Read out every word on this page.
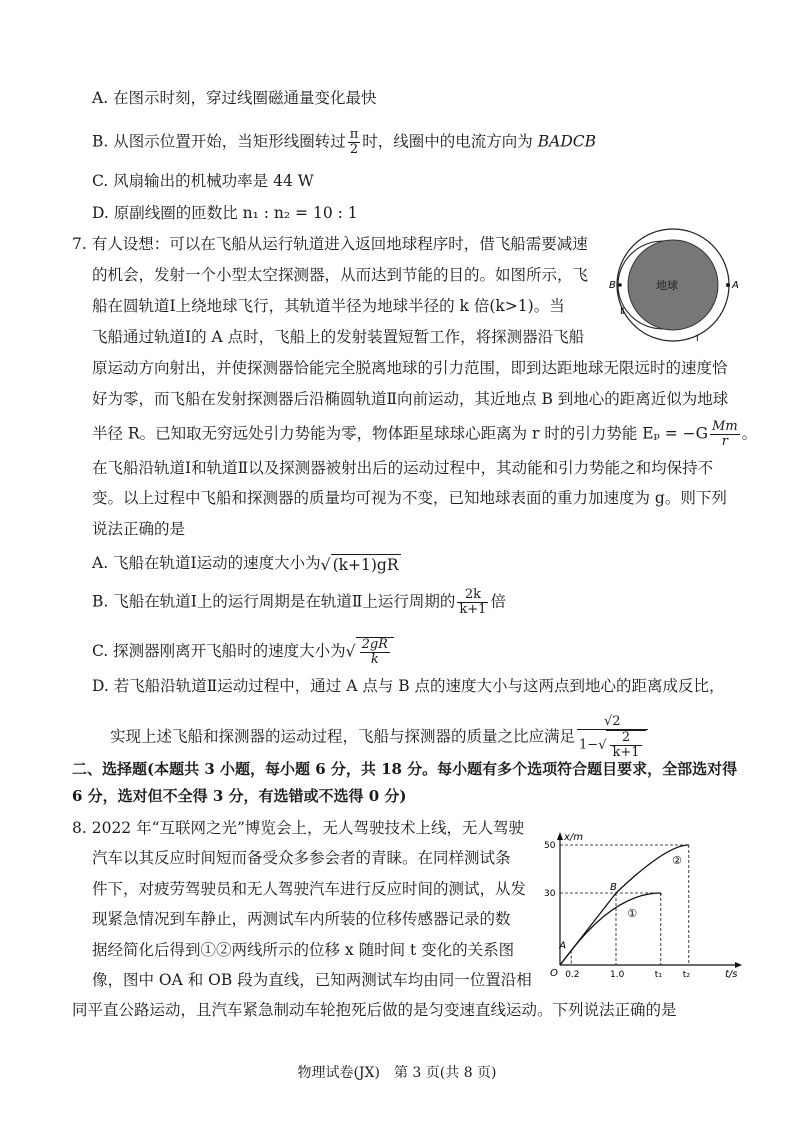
A. 在图示时刻，穿过线圈磁通量变化最快
B. 从图示位置开始，当矩形线圈转过 $\frac{\pi}{2}$ 时，线圈中的电流方向为 BADCB
C. 风扇输出的机械功率是 44 W
D. 原副线圈的匝数比 n₁ : n₂ = 10 : 1
7. 有人设想：可以在飞船从运行轨道进入返回地球程序时，借飞船需要减速
的机会，发射一个小型太空探测器，从而达到节能的目的。如图所示，飞
船在圆轨道Ⅰ上绕地球飞行，其轨道半径为地球半径的 k 倍(k>1)。当
飞船通过轨道Ⅰ的 A 点时，飞船上的发射装置短暂工作，将探测器沿飞船
原运动方向射出，并使探测器恰能完全脱离地球的引力范围，即到达距地球无限远时的速度恰
好为零，而飞船在发射探测器后沿椭圆轨道Ⅱ向前运动，其近地点 B 到地心的距离近似为地球
半径 R。已知取无穷远处引力势能为零，物体距星球球心距离为 r 时的引力势能 $E_p = -G \frac{Mm}{r}$ 。
在飞船沿轨道Ⅰ和轨道Ⅱ以及探测器被射出后的运动过程中，其动能和引力势能之和均保持不
变。以上过程中飞船和探测器的质量均可视为不变，已知地球表面的重力加速度为 g。则下列
说法正确的是
A. 飞船在轨道Ⅰ运动的速度大小为√ (k+1)gR
B. 飞船在轨道Ⅰ上的运行周期是在轨道Ⅱ上运行周期的 $\frac{2k}{k+1}$ 倍
C. 探测器刚离开飞船时的速度大小为√ $\frac{2gR}{k}$
D. 若飞船沿轨道Ⅱ运动过程中，通过 A 点与 B 点的速度大小与这两点到地心的距离成反比，
实现上述飞船和探测器的运动过程，飞船与探测器的质量之比应满足 $\frac{√2}{1-√ \frac{2}{k+1}}$
地球	A
B
Ⅱ
Ⅰ
二、选择题(本题共 3 小题，每小题 6 分，共 18 分。每小题有多个选项符合题目要求，全部选对得
6 分，选对但不全得 3 分，有选错或不选得 0 分)
8. 2022 年“互联网之光”博览会上，无人驾驶技术上线，无人驾驶
汽车以其反应时间短而备受众多参会者的青睐。在同样测试条
件下，对疲劳驾驶员和无人驾驶汽车进行反应时间的测试，从发
现紧急情况到车静止，两测试车内所装的位移传感器记录的数
据经简化后得到①②两线所示的位移 x 随时间 t 变化的关系图
像，图中 OA 和 OB 段为直线，已知两测试车均由同一位置沿相
同平直公路运动，且汽车紧急制动车轮抱死后做的是匀变速直线运动。下列说法正确的是
x/m
t/s
O 0.2	1.0	t₁ t₂
30
50
A
B
①
②
物理试卷(JX)　第 3 页(共 8 页)
